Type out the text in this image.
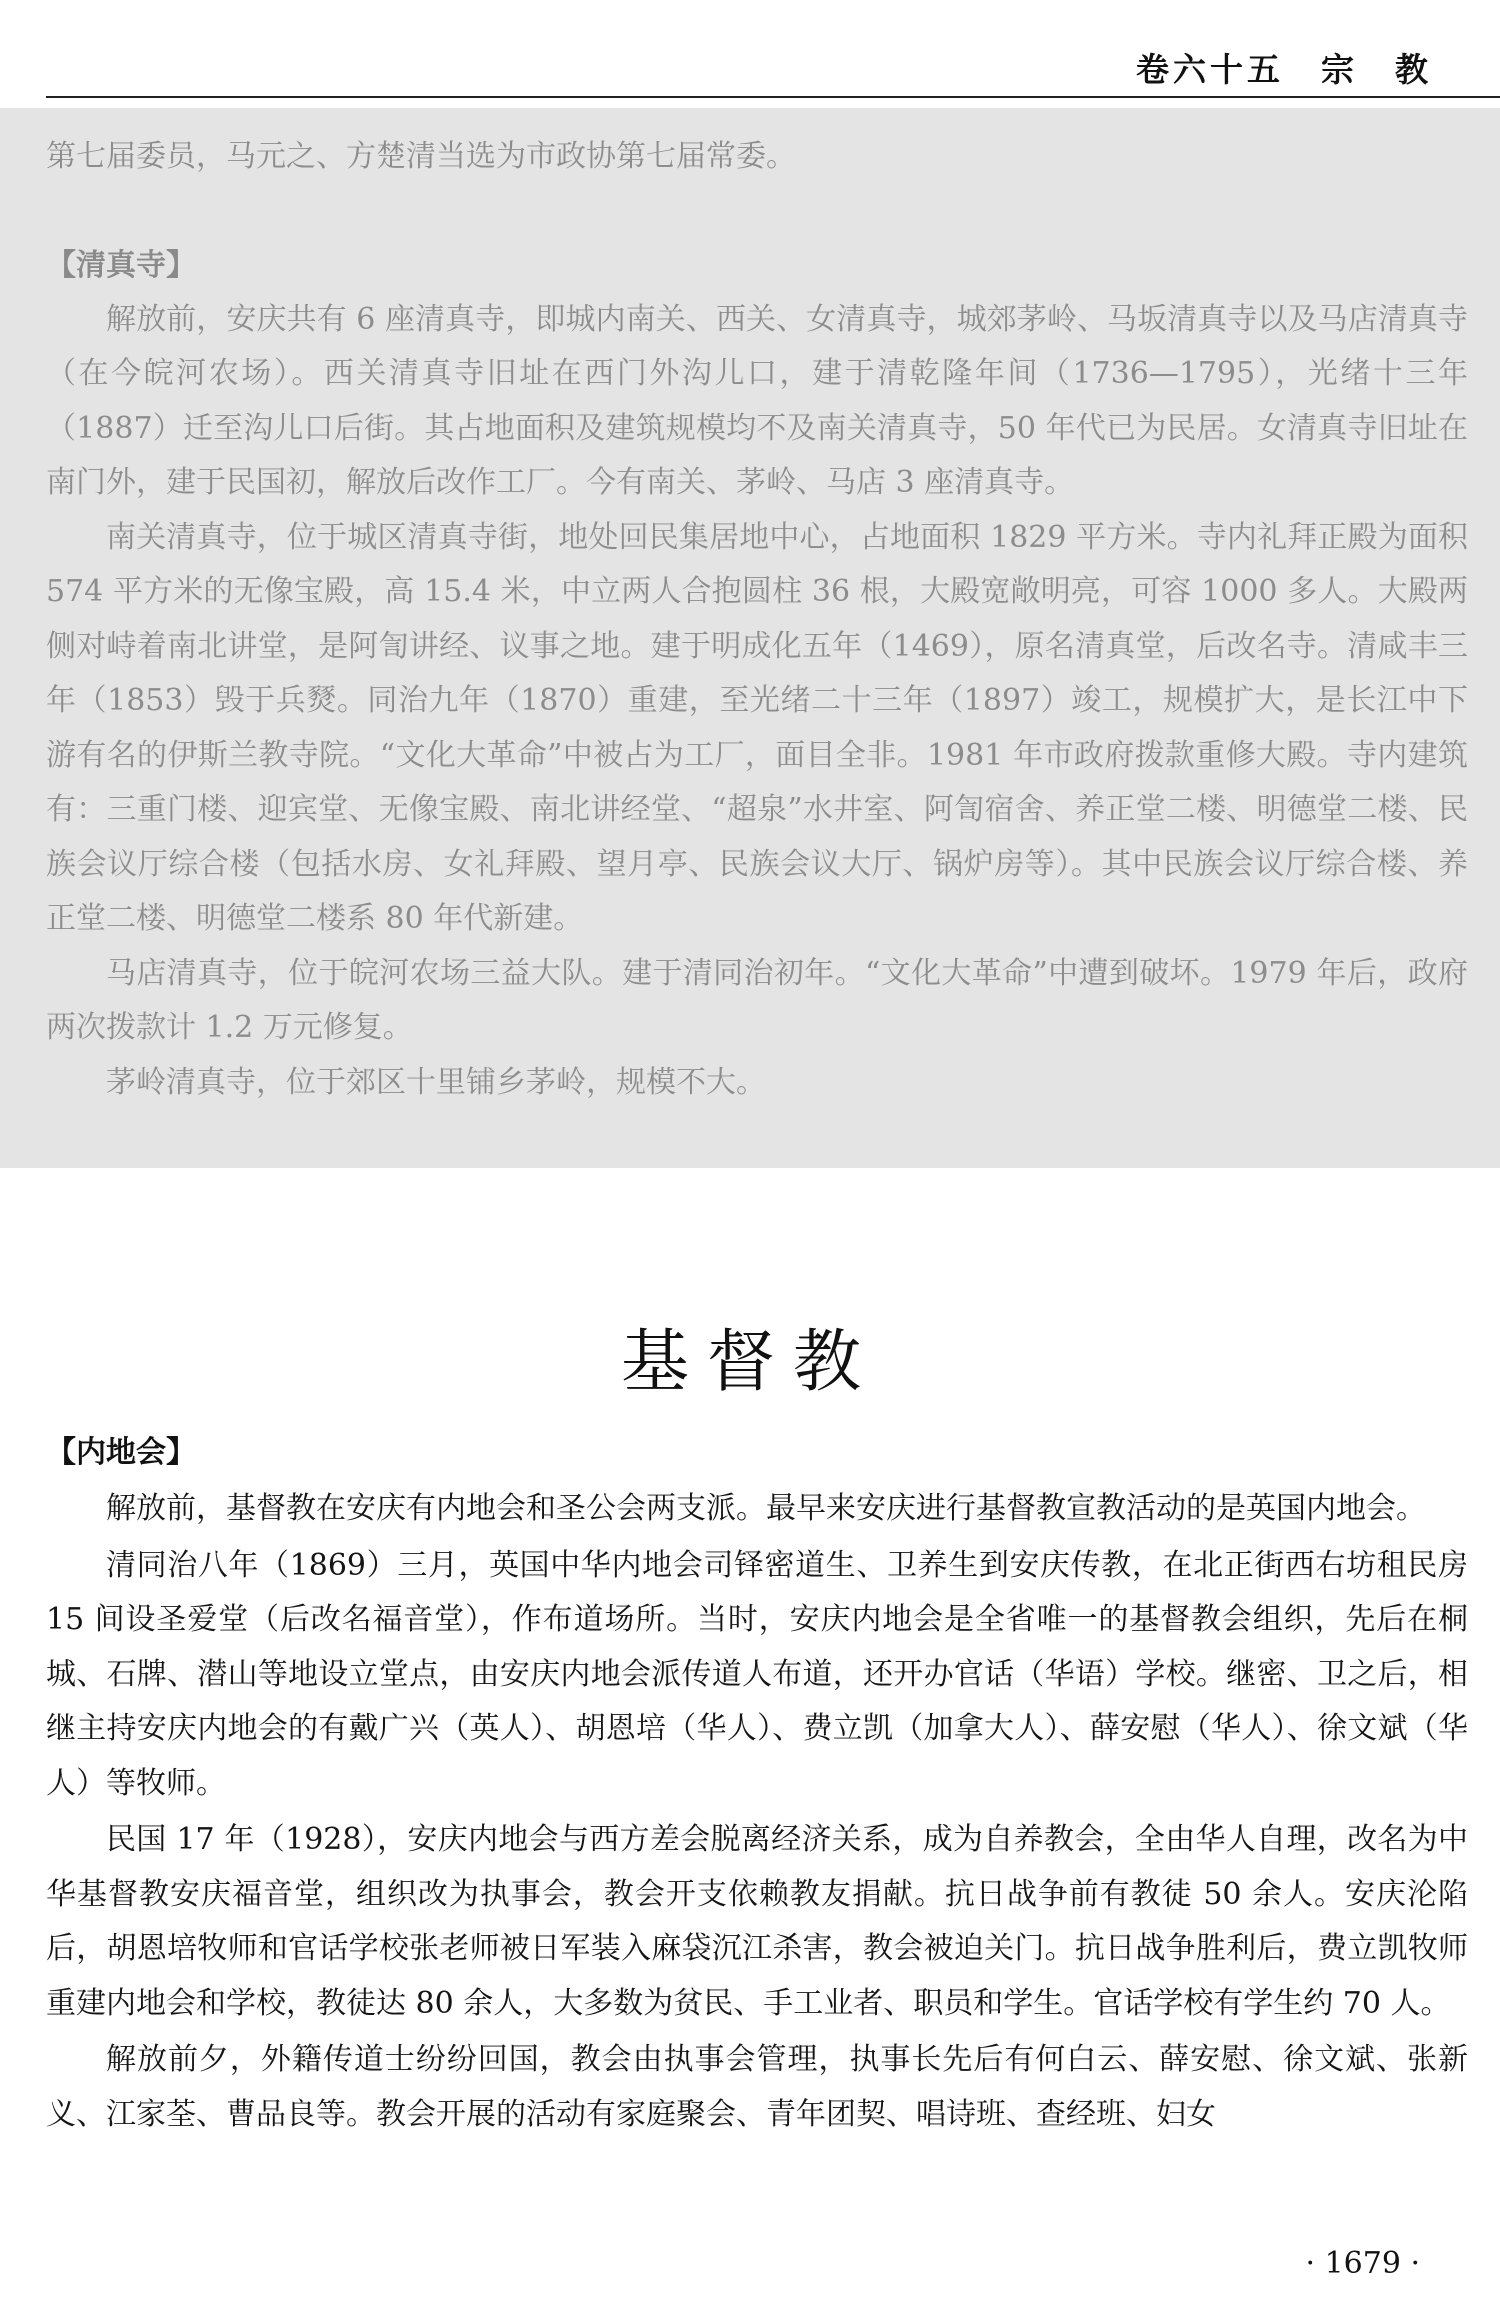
卷六十五　宗　教

第七届委员，马元之、方楚清当选为市政协第七届常委。

【清真寺】

解放前，安庆共有 6 座清真寺，即城内南关、西关、女清真寺，城郊茅岭、马坂清真寺以及马店清真寺（在今皖河农场）。西关清真寺旧址在西门外沟儿口，建于清乾隆年间（1736—1795），光绪十三年（1887）迁至沟儿口后街。其占地面积及建筑规模均不及南关清真寺，50 年代已为民居。女清真寺旧址在南门外，建于民国初，解放后改作工厂。今有南关、茅岭、马店 3 座清真寺。

南关清真寺，位于城区清真寺街，地处回民集居地中心，占地面积 1829 平方米。寺内礼拜正殿为面积 574 平方米的无像宝殿，高 15.4 米，中立两人合抱圆柱 36 根，大殿宽敞明亮，可容 1000 多人。大殿两侧对峙着南北讲堂，是阿訇讲经、议事之地。建于明成化五年（1469），原名清真堂，后改名寺。清咸丰三年（1853）毁于兵燹。同治九年（1870）重建，至光绪二十三年（1897）竣工，规模扩大，是长江中下游有名的伊斯兰教寺院。“文化大革命”中被占为工厂，面目全非。1981 年市政府拨款重修大殿。寺内建筑有：三重门楼、迎宾堂、无像宝殿、南北讲经堂、“超泉”水井室、阿訇宿舍、养正堂二楼、明德堂二楼、民族会议厅综合楼（包括水房、女礼拜殿、望月亭、民族会议大厅、锅炉房等）。其中民族会议厅综合楼、养正堂二楼、明德堂二楼系 80 年代新建。

马店清真寺，位于皖河农场三益大队。建于清同治初年。“文化大革命”中遭到破坏。1979 年后，政府两次拨款计 1.2 万元修复。

茅岭清真寺，位于郊区十里铺乡茅岭，规模不大。

基督教

【内地会】

解放前，基督教在安庆有内地会和圣公会两支派。最早来安庆进行基督教宣教活动的是英国内地会。

清同治八年（1869）三月，英国中华内地会司铎密道生、卫养生到安庆传教，在北正街西右坊租民房 15 间设圣爱堂（后改名福音堂），作布道场所。当时，安庆内地会是全省唯一的基督教会组织，先后在桐城、石牌、潜山等地设立堂点，由安庆内地会派传道人布道，还开办官话（华语）学校。继密、卫之后，相继主持安庆内地会的有戴广兴（英人）、胡恩培（华人）、费立凯（加拿大人）、薛安慰（华人）、徐文斌（华人）等牧师。

民国 17 年（1928），安庆内地会与西方差会脱离经济关系，成为自养教会，全由华人自理，改名为中华基督教安庆福音堂，组织改为执事会，教会开支依赖教友捐献。抗日战争前有教徒 50 余人。安庆沦陷后，胡恩培牧师和官话学校张老师被日军装入麻袋沉江杀害，教会被迫关门。抗日战争胜利后，费立凯牧师重建内地会和学校，教徒达 80 余人，大多数为贫民、手工业者、职员和学生。官话学校有学生约 70 人。

解放前夕，外籍传道士纷纷回国，教会由执事会管理，执事长先后有何白云、薛安慰、徐文斌、张新义、江家荃、曹品良等。教会开展的活动有家庭聚会、青年团契、唱诗班、查经班、妇女

· 1679 ·
